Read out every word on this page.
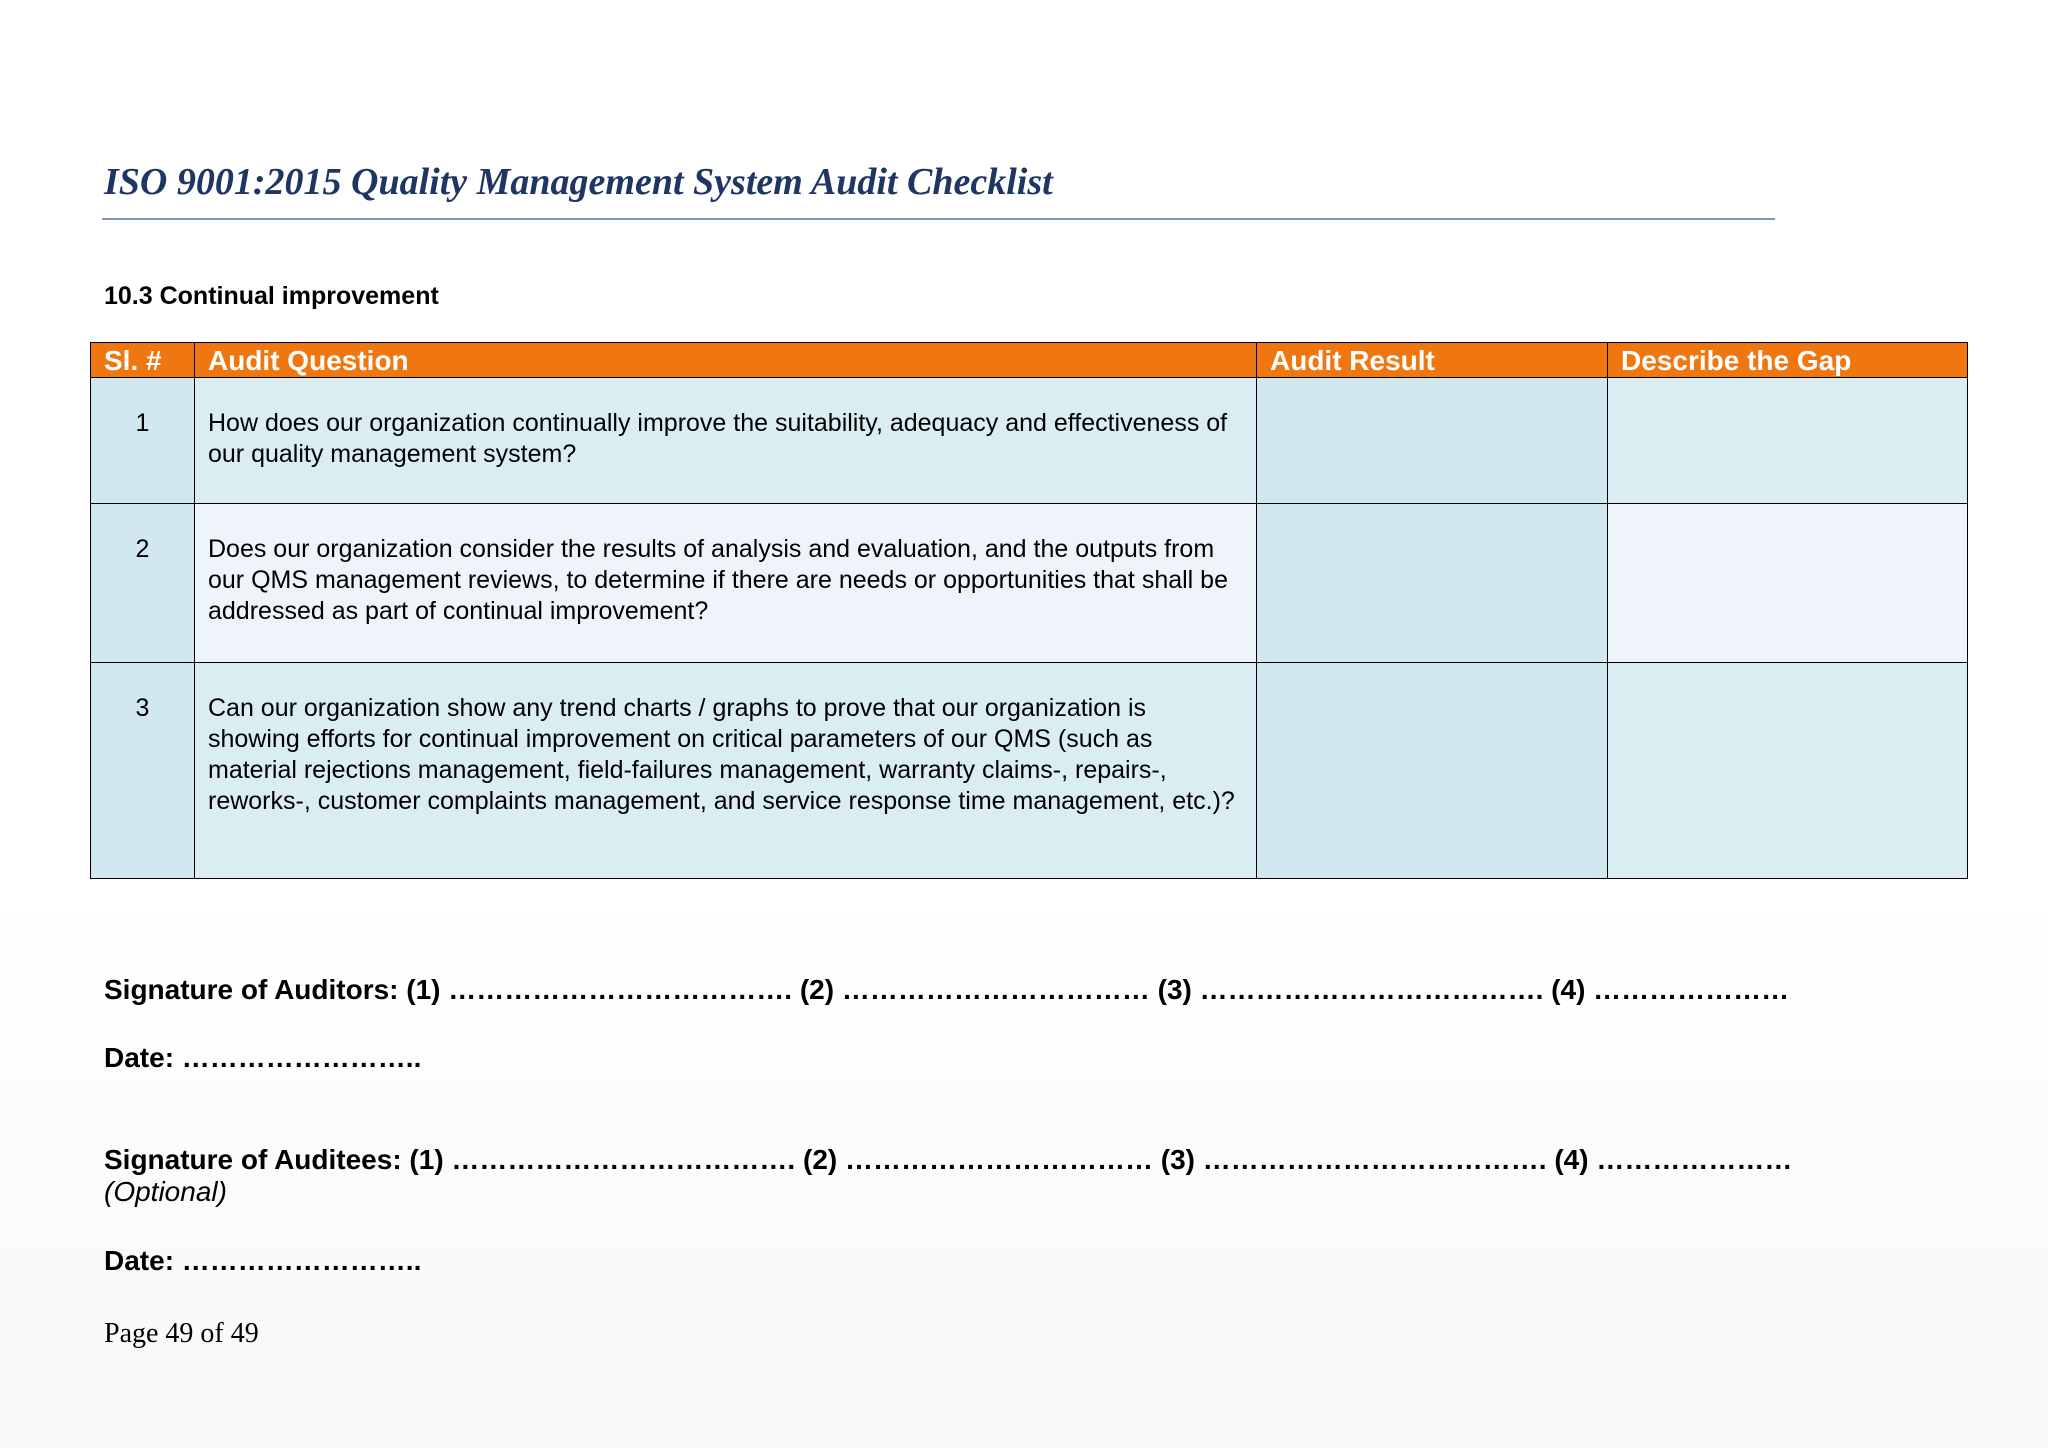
ISO 9001:2015 Quality Management System Audit Checklist
10.3 Continual improvement
Sl. #	Audit Question	Audit Result	Describe the Gap
1	How does our organization continually improve the suitability, adequacy and effectiveness of our quality management system?		
2	Does our organization consider the results of analysis and evaluation, and the outputs from our QMS management reviews, to determine if there are needs or opportunities that shall be addressed as part of continual improvement?		
3	Can our organization show any trend charts / graphs to prove that our organization is showing efforts for continual improvement on critical parameters of our QMS (such as material rejections management, field-failures management, warranty claims-, repairs-, reworks-, customer complaints management, and service response time management, etc.)?		
Signature of Auditors: (1) ………………………………. (2) …………………………… (3) ………………………………. (4) …………………
Date: ……………………..
Signature of Auditees: (1) ………………………………. (2) …………………………… (3) ………………………………. (4) …………………
(Optional)
Date: ……………………..
Page 49 of 49
